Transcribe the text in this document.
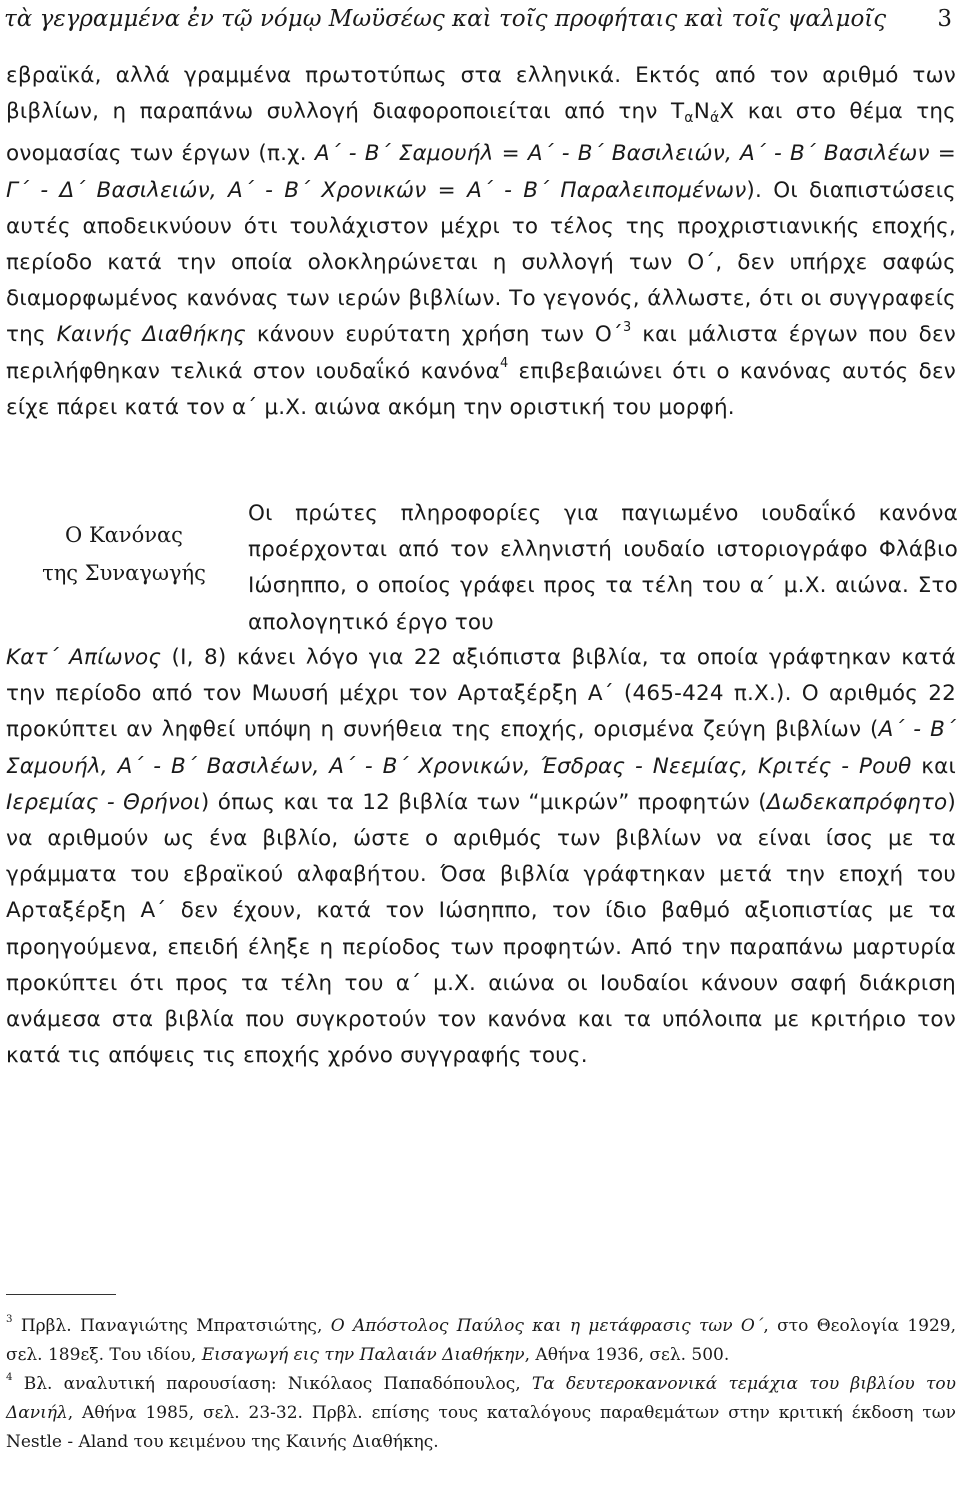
τὰ γεγραμμένα ἐν τῷ νόμῳ Μωϋσέως καὶ τοῖς προφήταις καὶ τοῖς ψαλμοῖς 3
εβραϊκά, αλλά γραμμένα πρωτοτύπως στα ελληνικά. Εκτός από τον αριθμό των βιβλίων, η παραπάνω συλλογή διαφοροποιείται από την $T_\alpha N_άX$ και στο θέμα της ονομασίας των έργων (π.χ. Α΄ - Β΄ Σαμουήλ = Α΄ - Β΄ Βασιλειών, Α΄ - Β΄ Βασιλέων = Γ΄ - Δ΄ Βασιλειών, Α΄ - Β΄ Χρονικών = Α΄ - Β΄ Παραλειπομένων). Οι διαπιστώσεις αυτές αποδεικνύουν ότι τουλάχιστον μέχρι το τέλος της προχριστιανικής εποχής, περίοδο κατά την οποία ολοκληρώνεται η συλλογή των Ο΄, δεν υπήρχε σαφώς διαμορφωμένος κανόνας των ιερών βιβλίων. Το γεγονός, άλλωστε, ότι οι συγγραφείς της Καινής Διαθήκης κάνουν ευρύτατη χρήση των Ο΄$^3$ και μάλιστα έργων που δεν περιλήφθηκαν τελικά στον ιουδαΐκό κανόνα$^4$ επιβεβαιώνει ότι ο κανόνας αυτός δεν είχε πάρει κατά τον α΄ μ.Χ. αιώνα ακόμη την οριστική του μορφή.
Ο Κανόνας
της Συναγωγής
Οι πρώτες πληροφορίες για παγιωμένο ιουδαΐκό κανόνα προέρχονται από τον ελληνιστή ιουδαίο ιστοριογράφο Φλάβιο Ιώσηππο, ο οποίος γράφει προς τα τέλη του α΄ μ.Χ. αιώνα. Στο απολογητικό έργο του
Κατ΄ Απίωνος (Ι, 8) κάνει λόγο για 22 αξιόπιστα βιβλία, τα οποία γράφτηκαν κατά την περίοδο από τον Μωυσή μέχρι τον Αρταξέρξη Α΄ (465-424 π.Χ.). Ο αριθμός 22 προκύπτει αν ληφθεί υπόψη η συνήθεια της εποχής, ορισμένα ζεύγη βιβλίων (Α΄ - Β΄ Σαμουήλ, Α΄ - Β΄ Βασιλέων, Α΄ - Β΄ Χρονικών, Έσδρας - Νεεμίας, Κριτές - Ρουθ και Ιερεμίας - Θρήνοι) όπως και τα 12 βιβλία των “μικρών” προφητών (Δωδεκαπρόφητο) να αριθμούν ως ένα βιβλίο, ώστε ο αριθμός των βιβλίων να είναι ίσος με τα γράμματα του εβραϊκού αλφαβήτου. Όσα βιβλία γράφτηκαν μετά την εποχή του Αρταξέρξη Α΄ δεν έχουν, κατά τον Ιώσηππο, τον ίδιο βαθμό αξιοπιστίας με τα προηγούμενα, επειδή έληξε η περίοδος των προφητών. Από την παραπάνω μαρτυρία προκύπτει ότι προς τα τέλη του α΄ μ.Χ. αιώνα οι Ιουδαίοι κάνουν σαφή διάκριση ανάμεσα στα βιβλία που συγκροτούν τον κανόνα και τα υπόλοιπα με κριτήριο τον κατά τις απόψεις τις εποχής χρόνο συγγραφής τους.

$^3$ Πρβλ. Παναγιώτης Μπρατσιώτης, Ο Απόστολος Παύλος και η μετάφρασις των Ο΄, στο Θεολογία 1929, σελ. 189εξ. Του ιδίου, Εισαγωγή εις την Παλαιάν Διαθήκην, Αθήνα 1936, σελ. 500.

$^4$ Βλ. αναλυτική παρουσίαση: Νικόλαος Παπαδόπουλος, Τα δευτεροκανονικά τεμάχια του βιβλίου του Δανιήλ, Αθήνα 1985, σελ. 23-32. Πρβλ. επίσης τους καταλόγους παραθεμάτων στην κριτική έκδοση των Nestle - Aland του κειμένου της Καινής Διαθήκης.
